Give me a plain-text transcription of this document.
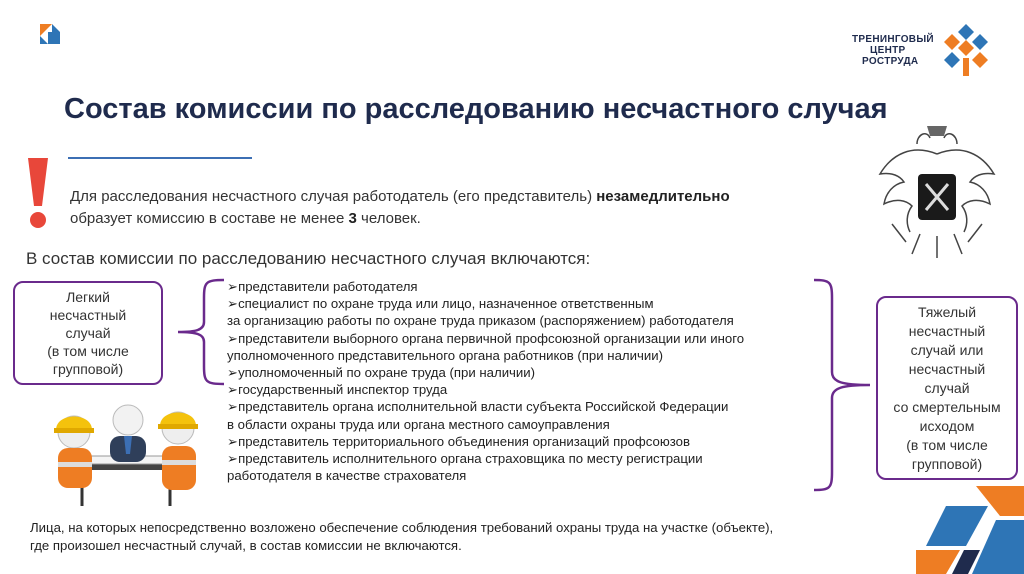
ТРЕНИНГОВЫЙ
ЦЕНТР
РОСТРУДА
Состав комиссии по расследованию несчастного случая
Для расследования несчастного случая работодатель (его представитель) незамедлительно
образует комиссию в составе не менее 3 человек.
В состав комиссии по расследованию несчастного случая включаются:
Легкий
несчастный
случай
(в том числе
групповой)
➢представители работодателя
➢специалист по охране труда или лицо, назначенное ответственным
за организацию работы по охране труда приказом (распоряжением) работодателя
➢представители выборного органа первичной профсоюзной организации или иного
уполномоченного представительного органа работников (при наличии)
➢уполномоченный по охране труда (при наличии)
➢государственный инспектор труда
➢представитель органа исполнительной власти субъекта Российской Федерации
в области охраны труда или органа местного самоуправления
➢представитель территориального объединения организаций профсоюзов
➢представитель исполнительного органа страховщика по месту регистрации
работодателя в качестве страхователя
Тяжелый
несчастный
случай или
несчастный
случай
со смертельным
исходом
(в том числе
групповой)
Лица, на которых непосредственно возложено обеспечение соблюдения требований охраны труда на участке (объекте),
где произошел несчастный случай, в состав комиссии не включаются.
